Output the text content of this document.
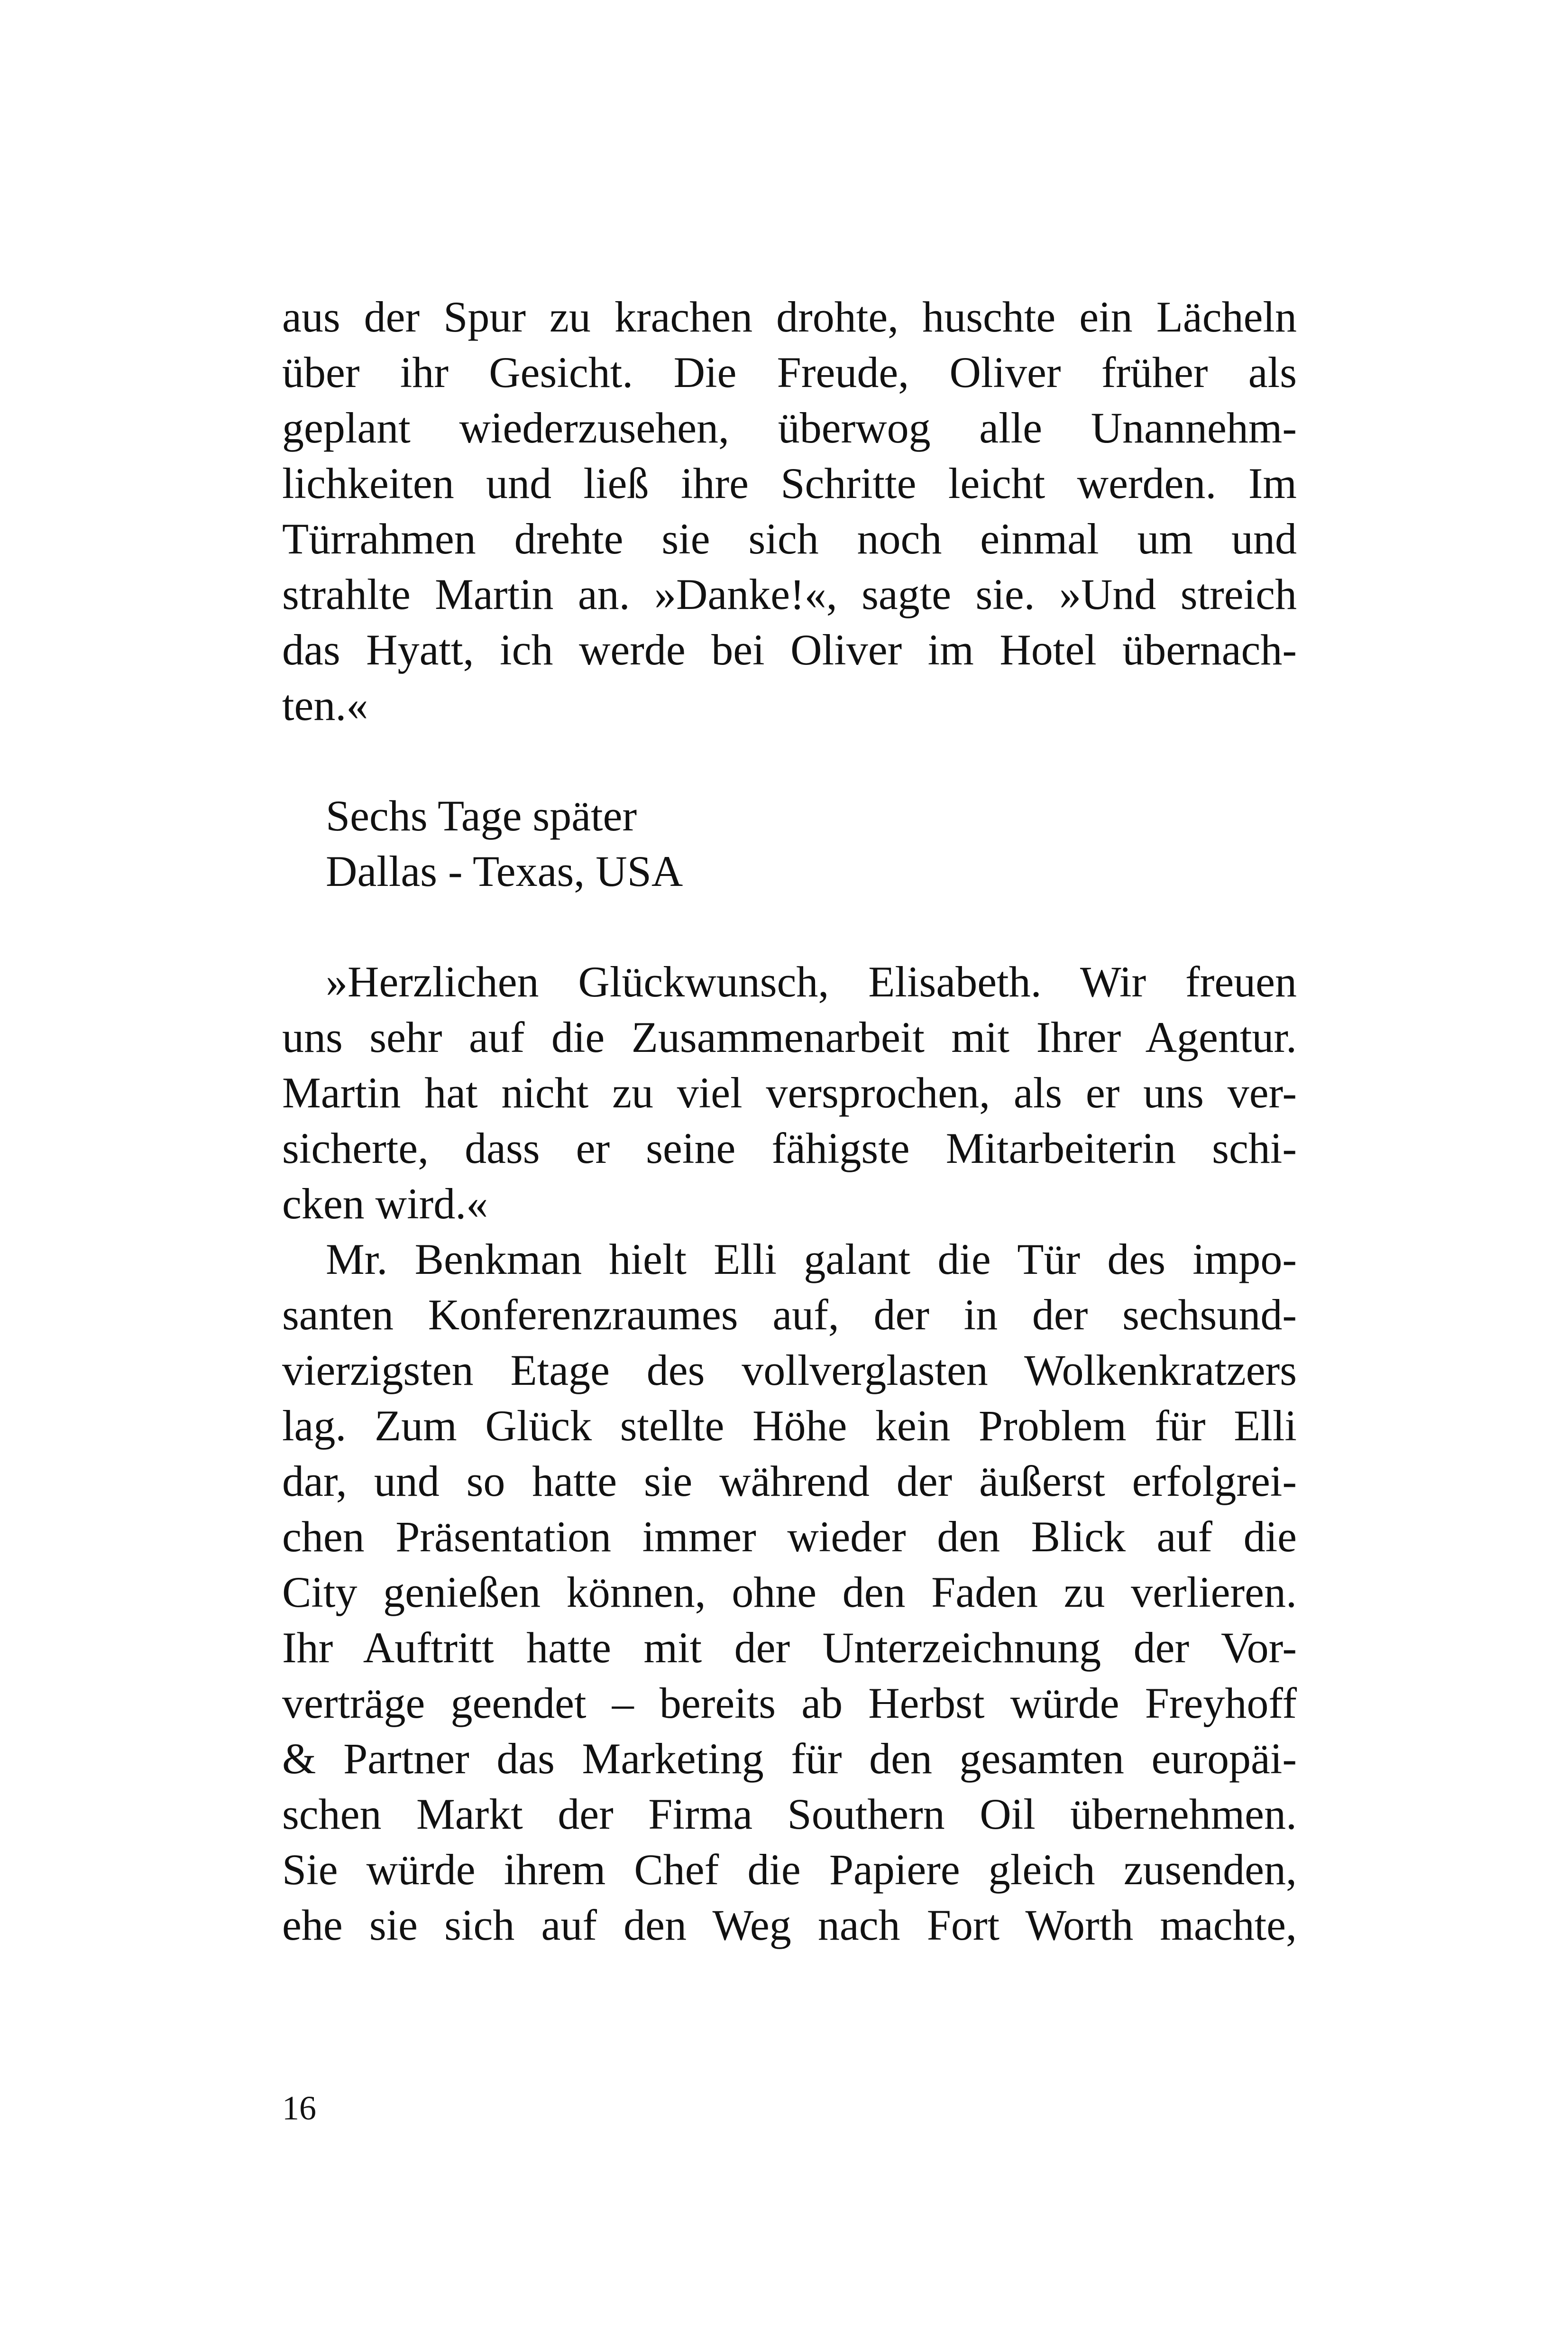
aus der Spur zu krachen drohte, huschte ein Lächeln
über ihr Gesicht. Die Freude, Oliver früher als
geplant wiederzusehen, überwog alle Unannehm-
lichkeiten und ließ ihre Schritte leicht werden. Im
Türrahmen drehte sie sich noch einmal um und
strahlte Martin an. »Danke!«, sagte sie. »Und streich
das Hyatt, ich werde bei Oliver im Hotel übernach-
ten.«
Sechs Tage später
Dallas - Texas, USA
»Herzlichen Glückwunsch, Elisabeth. Wir freuen
uns sehr auf die Zusammenarbeit mit Ihrer Agentur.
Martin hat nicht zu viel versprochen, als er uns ver-
sicherte, dass er seine fähigste Mitarbeiterin schi-
cken wird.«
Mr. Benkman hielt Elli galant die Tür des impo-
santen Konferenzraumes auf, der in der sechsund-
vierzigsten Etage des vollverglasten Wolkenkratzers
lag. Zum Glück stellte Höhe kein Problem für Elli
dar, und so hatte sie während der äußerst erfolgrei-
chen Präsentation immer wieder den Blick auf die
City genießen können, ohne den Faden zu verlieren.
Ihr Auftritt hatte mit der Unterzeichnung der Vor-
verträge geendet – bereits ab Herbst würde Freyhoff
& Partner das Marketing für den gesamten europäi-
schen Markt der Firma Southern Oil übernehmen.
Sie würde ihrem Chef die Papiere gleich zusenden,
ehe sie sich auf den Weg nach Fort Worth machte,
16
